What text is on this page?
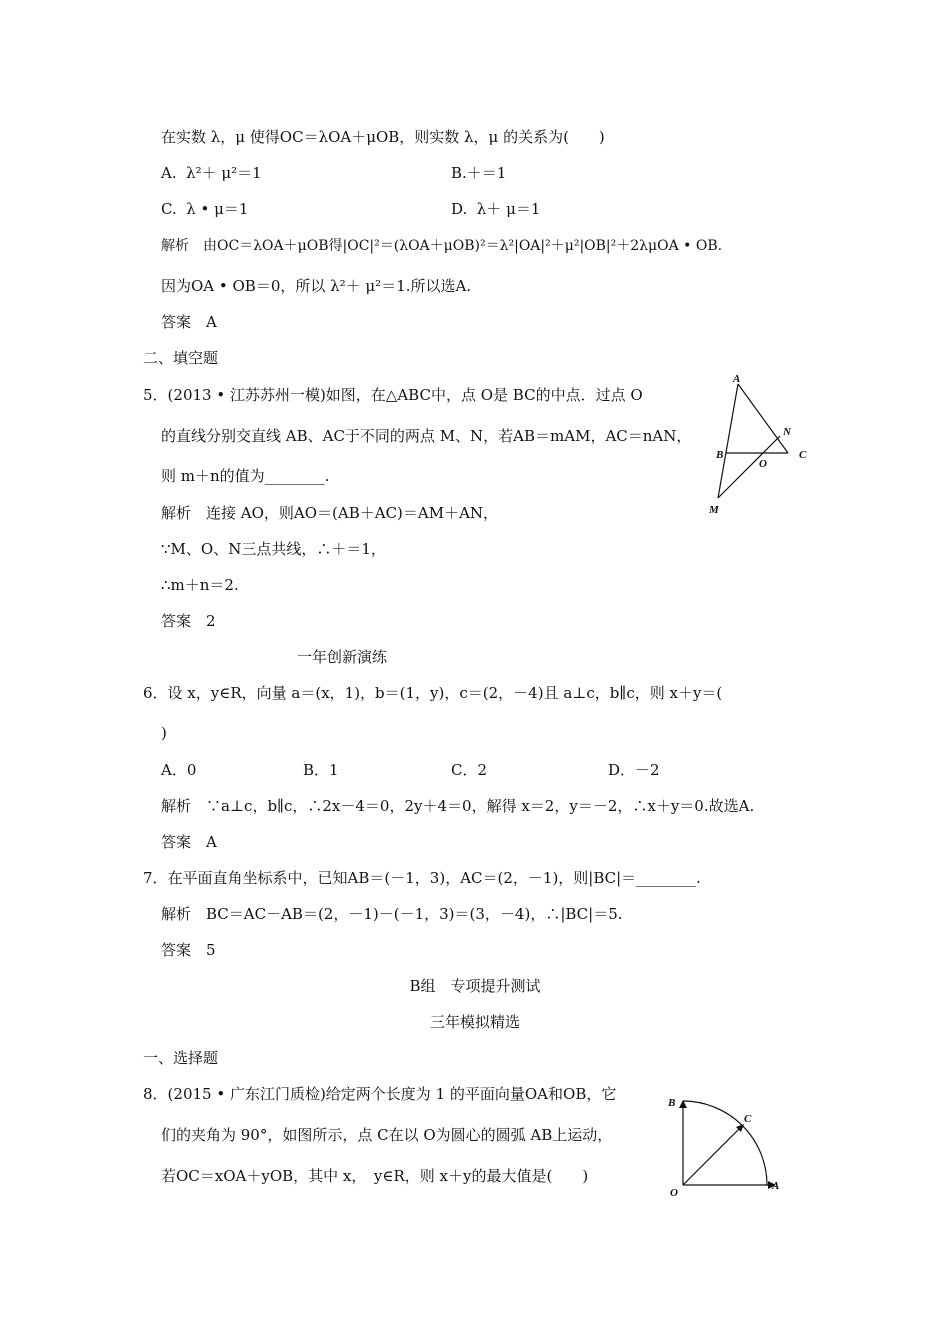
在实数 λ，μ 使得OC＝λOA＋μOB，则实数 λ，μ 的关系为(　　)
A.  λ²＋ μ²＝1	B.＋＝1
C.  λ • μ＝1	D.  λ＋ μ＝1
解析　由OC＝λOA＋μOB得|OC|²＝(λOA＋μOB)²＝λ²|OA|²＋μ²|OB|²＋2λμOA • OB.
因为OA • OB＝0，所以 λ²＋ μ²＝1.所以选A.
答案　A
二、填空题
5．(2013 • 江苏苏州一模)如图，在△ABC中，点 O是 BC的中点．过点 O
的直线分别交直线 AB、AC于不同的两点 M、N，若AB＝mAM，AC＝nAN，
则 m＋n的值为________.
解析　连接 AO，则AO＝(AB＋AC)＝AM＋AN，
∵M、O、N三点共线，∴＋＝1，
∴m＋n＝2.
答案　2
A
N
B
O
C
M
一年创新演练
6．设 x，y∈R，向量 a＝(x，1)，b＝(1，y)，c＝(2，－4)且 a⊥c，b∥c，则 x＋y＝(
)
A．0	B．1	C．2	D．－2
解析　∵a⊥c，b∥c，∴2x－4＝0，2y＋4＝0，解得 x＝2，y＝－2，∴x＋y＝0.故选A.
答案　A
7．在平面直角坐标系中，已知AB＝(－1，3)，AC＝(2，－1)，则|BC|＝________.
解析　BC＝AC－AB＝(2，－1)－(－1，3)＝(3，－4)，∴|BC|＝5.
答案　5
B组　专项提升测试
三年模拟精选
一、选择题
8．(2015 • 广东江门质检)给定两个长度为 1 的平面向量OA和OB，它
们的夹角为 90°，如图所示，点 C在以 O为圆心的圆弧 AB上运动，
若OC＝xOA＋yOB，其中 x，　y∈R，则 x＋y的最大值是(　　)
B
C
O
A
